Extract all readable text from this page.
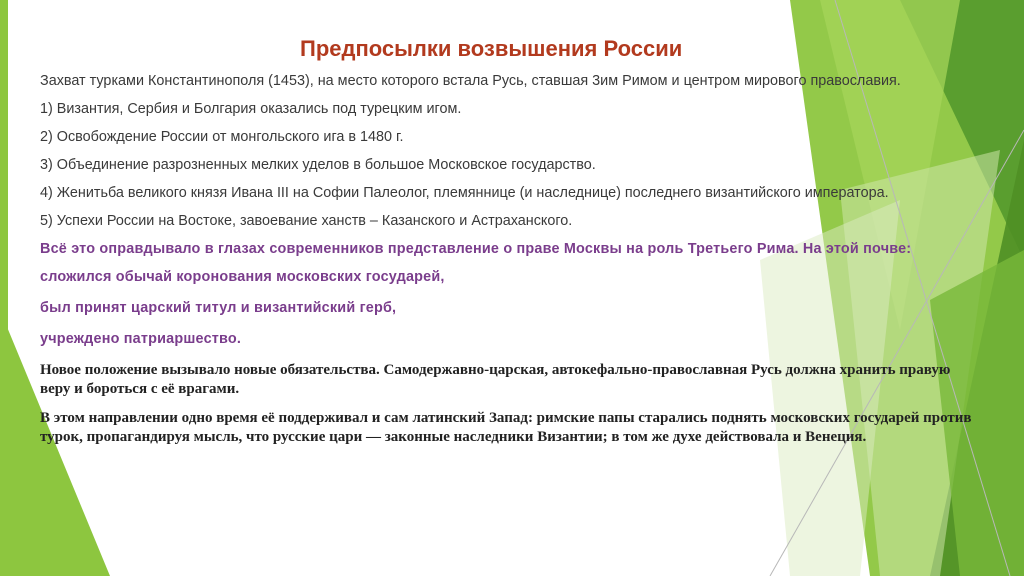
Предпосылки возвышения России

Захват турками Константинополя (1453), на место которого встала Русь, ставшая 3им Римом и центром мирового православия.

1) Византия, Сербия и Болгария оказались под турецким игом.

2) Освобождение России от монгольского ига в 1480 г.

3) Объединение разрозненных мелких уделов в большое Московское государство.

4) Женитьба великого князя Ивана III на Софии Палеолог, племяннице (и наследнице) последнего византийского императора.

5) Успехи России на Востоке, завоевание ханств – Казанского и Астраханского.

Всё это оправдывало в глазах современников представление о праве Москвы на роль Третьего Рима. На этой почве:

сложился обычай коронования московских государей,

был принят царский титул и византийский герб,

учреждено патриаршество.

Новое положение вызывало новые обязательства. Самодержавно-царская, автокефально-православная Русь должна хранить правую веру и бороться с её врагами.

В этом направлении одно время её поддерживал и сам латинский Запад: римские папы старались поднять московских государей против турок, пропагандируя мысль, что русские цари — законные наследники Византии; в том же духе действовала и Венеция.
